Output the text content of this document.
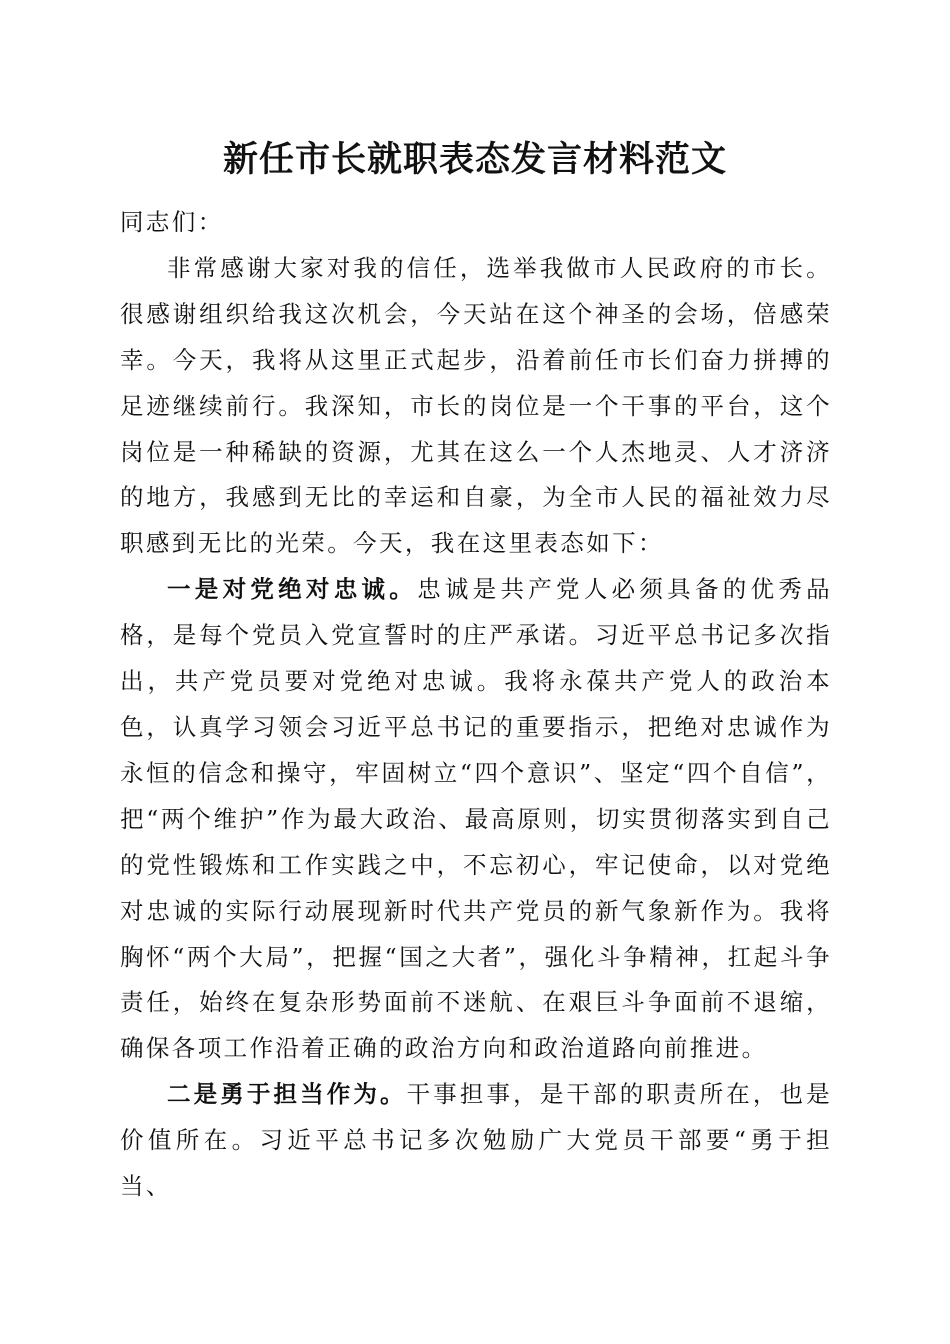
新任市长就职表态发言材料范文

同志们：

非常感谢大家对我的信任，选举我做市人民政府的市长。很感谢组织给我这次机会，今天站在这个神圣的会场，倍感荣幸。今天，我将从这里正式起步，沿着前任市长们奋力拼搏的足迹继续前行。我深知，市长的岗位是一个干事的平台，这个岗位是一种稀缺的资源，尤其在这么一个人杰地灵、人才济济的地方，我感到无比的幸运和自豪，为全市人民的福祉效力尽职感到无比的光荣。今天，我在这里表态如下：

一是对党绝对忠诚。忠诚是共产党人必须具备的优秀品格，是每个党员入党宣誓时的庄严承诺。习近平总书记多次指出，共产党员要对党绝对忠诚。我将永葆共产党人的政治本色，认真学习领会习近平总书记的重要指示，把绝对忠诚作为永恒的信念和操守，牢固树立“四个意识”、坚定“四个自信”，把“两个维护”作为最大政治、最高原则，切实贯彻落实到自己的党性锻炼和工作实践之中，不忘初心，牢记使命，以对党绝对忠诚的实际行动展现新时代共产党员的新气象新作为。我将胸怀“两个大局”，把握“国之大者”，强化斗争精神，扛起斗争责任，始终在复杂形势面前不迷航、在艰巨斗争面前不退缩，确保各项工作沿着正确的政治方向和政治道路向前推进。

二是勇于担当作为。干事担事，是干部的职责所在，也是价值所在。习近平总书记多次勉励广大党员干部要“勇于担当、
